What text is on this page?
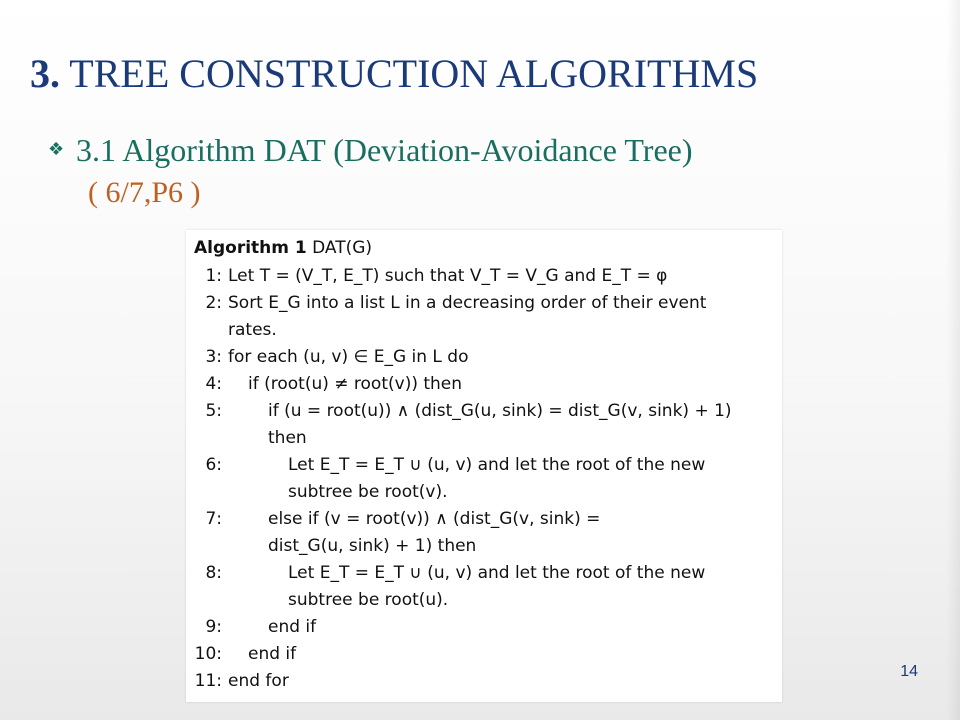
3. TREE CONSTRUCTION ALGORITHMS
❖ 3.1 Algorithm DAT (Deviation-Avoidance Tree)

( 6/7,P6 )

Algorithm 1 DAT(G)
1: Let T = (V_T, E_T) such that V_T = V_G and E_T = φ
2: Sort E_G into a list L in a decreasing order of their event
rates.
3: for each (u, v) ∈ E_G in L do
4: if (root(u) ≠ root(v)) then
5:	if (u = root(u)) ∧ (dist_G(u, sink) = dist_G(v, sink) + 1)
then
6:	Let E_T = E_T ∪ (u, v) and let the root of the new
subtree be root(v).
7:	else if (v = root(v)) ∧ (dist_G(v, sink) =
dist_G(u, sink) + 1) then
8:	Let E_T = E_T ∪ (u, v) and let the root of the new
subtree be root(u).
9:	end if
10: end if
11: end for	14
